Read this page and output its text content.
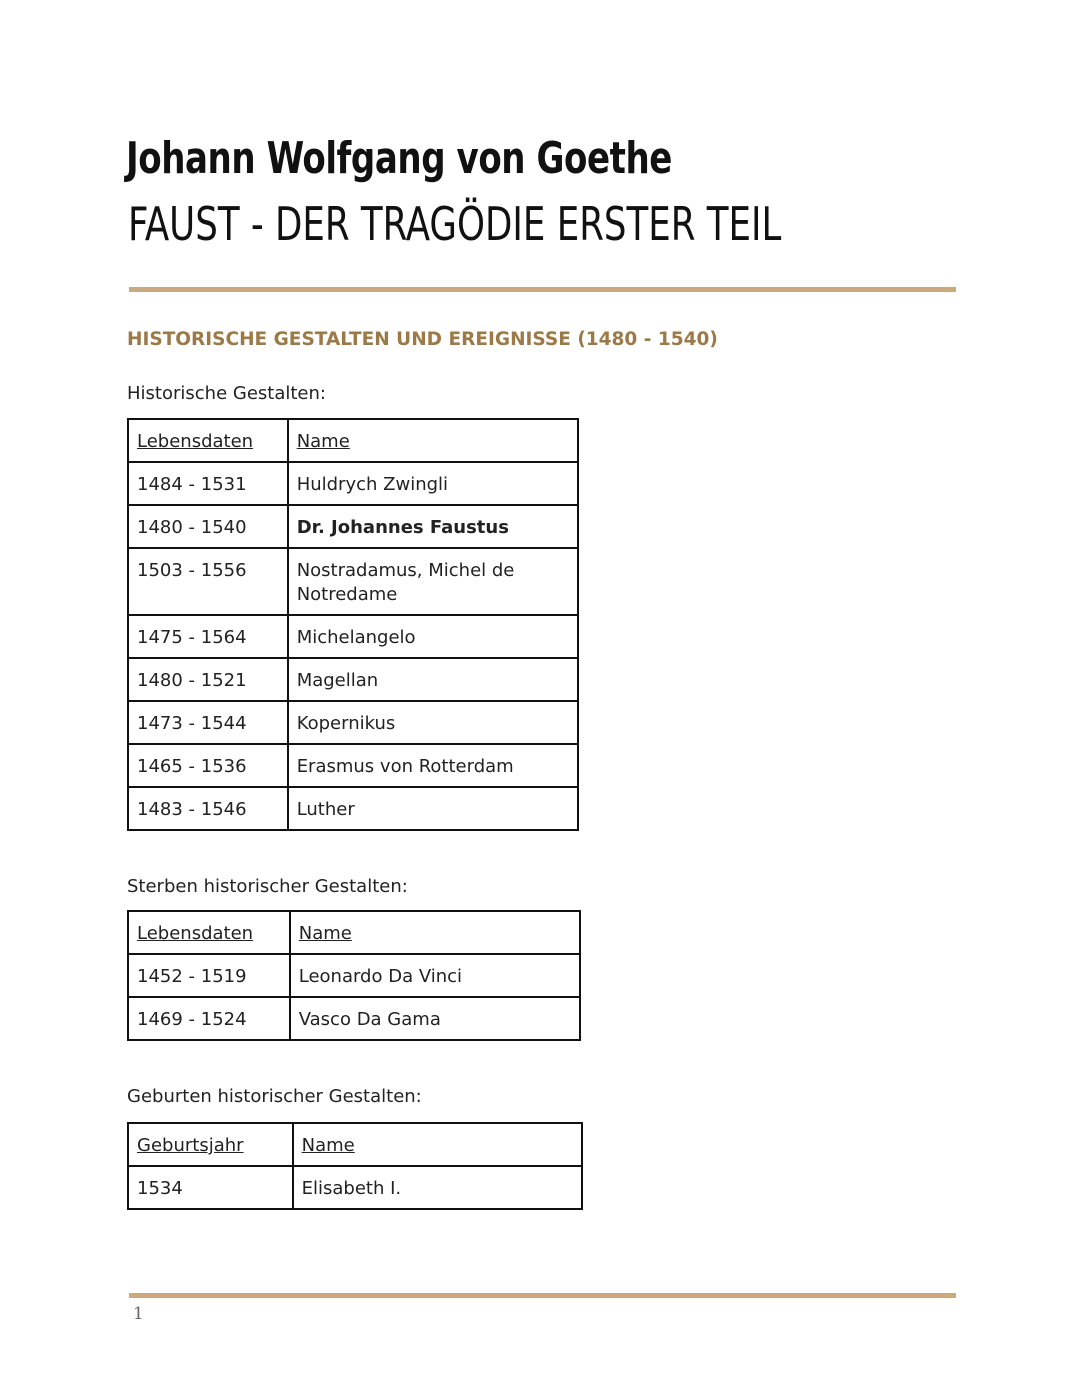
Johann Wolfgang von Goethe
FAUST - DER TRAGÖDIE ERSTER TEIL
HISTORISCHE GESTALTEN UND EREIGNISSE (1480 - 1540)

Historische Gestalten:

Lebensdaten	Name
1484 - 1531	Huldrych Zwingli
1480 - 1540	Dr. Johannes Faustus
1503 - 1556	Nostradamus, Michel de Notredame
1475 - 1564	Michelangelo
1480 - 1521	Magellan
1473 - 1544	Kopernikus
1465 - 1536	Erasmus von Rotterdam
1483 - 1546	Luther

Sterben historischer Gestalten:

Lebensdaten	Name
1452 - 1519	Leonardo Da Vinci
1469 - 1524	Vasco Da Gama

Geburten historischer Gestalten:

Geburtsjahr	Name
1534	Elisabeth I.

1
